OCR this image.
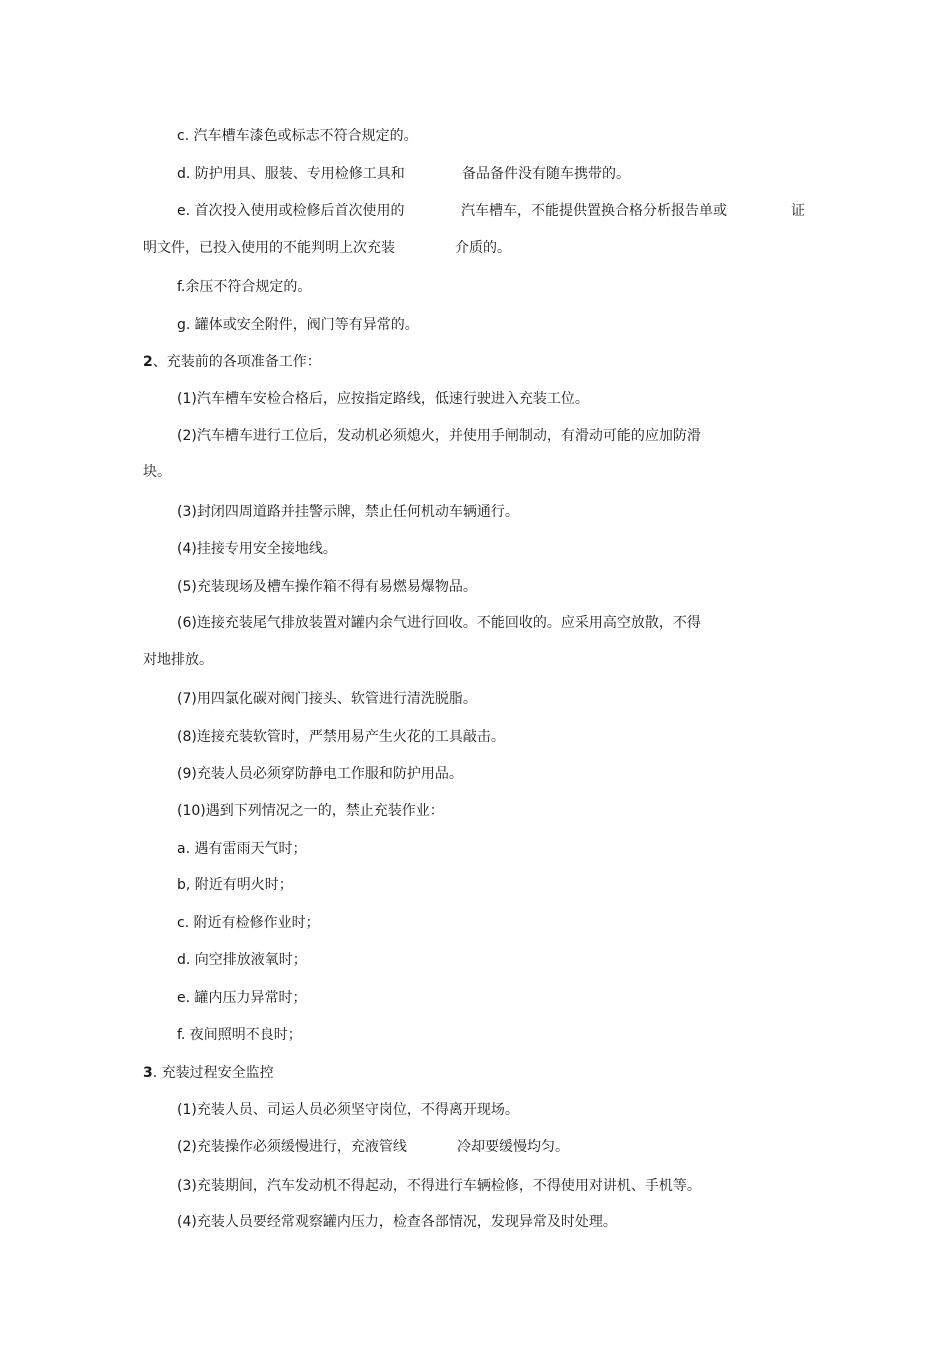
c. 汽车槽车漆色或标志不符合规定的。
d. 防护用具、服装、专用检修工具和	备品备件没有随车携带的。
e. 首次投入使用或检修后首次使用的	汽车槽车，不能提供置换合格分析报告单或	证
明文件，已投入使用的不能判明上次充装	介质的。
f.余压不符合规定的。
g. 罐体或安全附件，阀门等有异常的。
2、充装前的各项准备工作：
(1)汽车槽车安检合格后，应按指定路线，低速行驶进入充装工位。
(2)汽车槽车进行工位后，发动机必须熄火，并使用手闸制动，有滑动可能的应加防滑
块。
(3)封闭四周道路并挂警示牌，禁止任何机动车辆通行。
(4)挂接专用安全接地线。
(5)充装现场及槽车操作箱不得有易燃易爆物品。
(6)连接充装尾气排放装置对罐内余气进行回收。不能回收的。应采用高空放散，不得
对地排放。
(7)用四氯化碳对阀门接头、软管进行清洗脱脂。
(8)连接充装软管时，严禁用易产生火花的工具敲击。
(9)充装人员必须穿防静电工作服和防护用品。
(10)遇到下列情况之一的，禁止充装作业：
a. 遇有雷雨天气时；
b, 附近有明火时；
c. 附近有检修作业时；
d. 向空排放液氧时；
e. 罐内压力异常时；
f. 夜间照明不良时；
3. 充装过程安全监控
(1)充装人员、司运人员必须坚守岗位，不得离开现场。
(2)充装操作必须缓慢进行，充液管线	冷却要缓慢均匀。
(3)充装期间，汽车发动机不得起动，不得进行车辆检修，不得使用对讲机、手机等。
(4)充装人员要经常观察罐内压力，检查各部情况，发现异常及时处理。
